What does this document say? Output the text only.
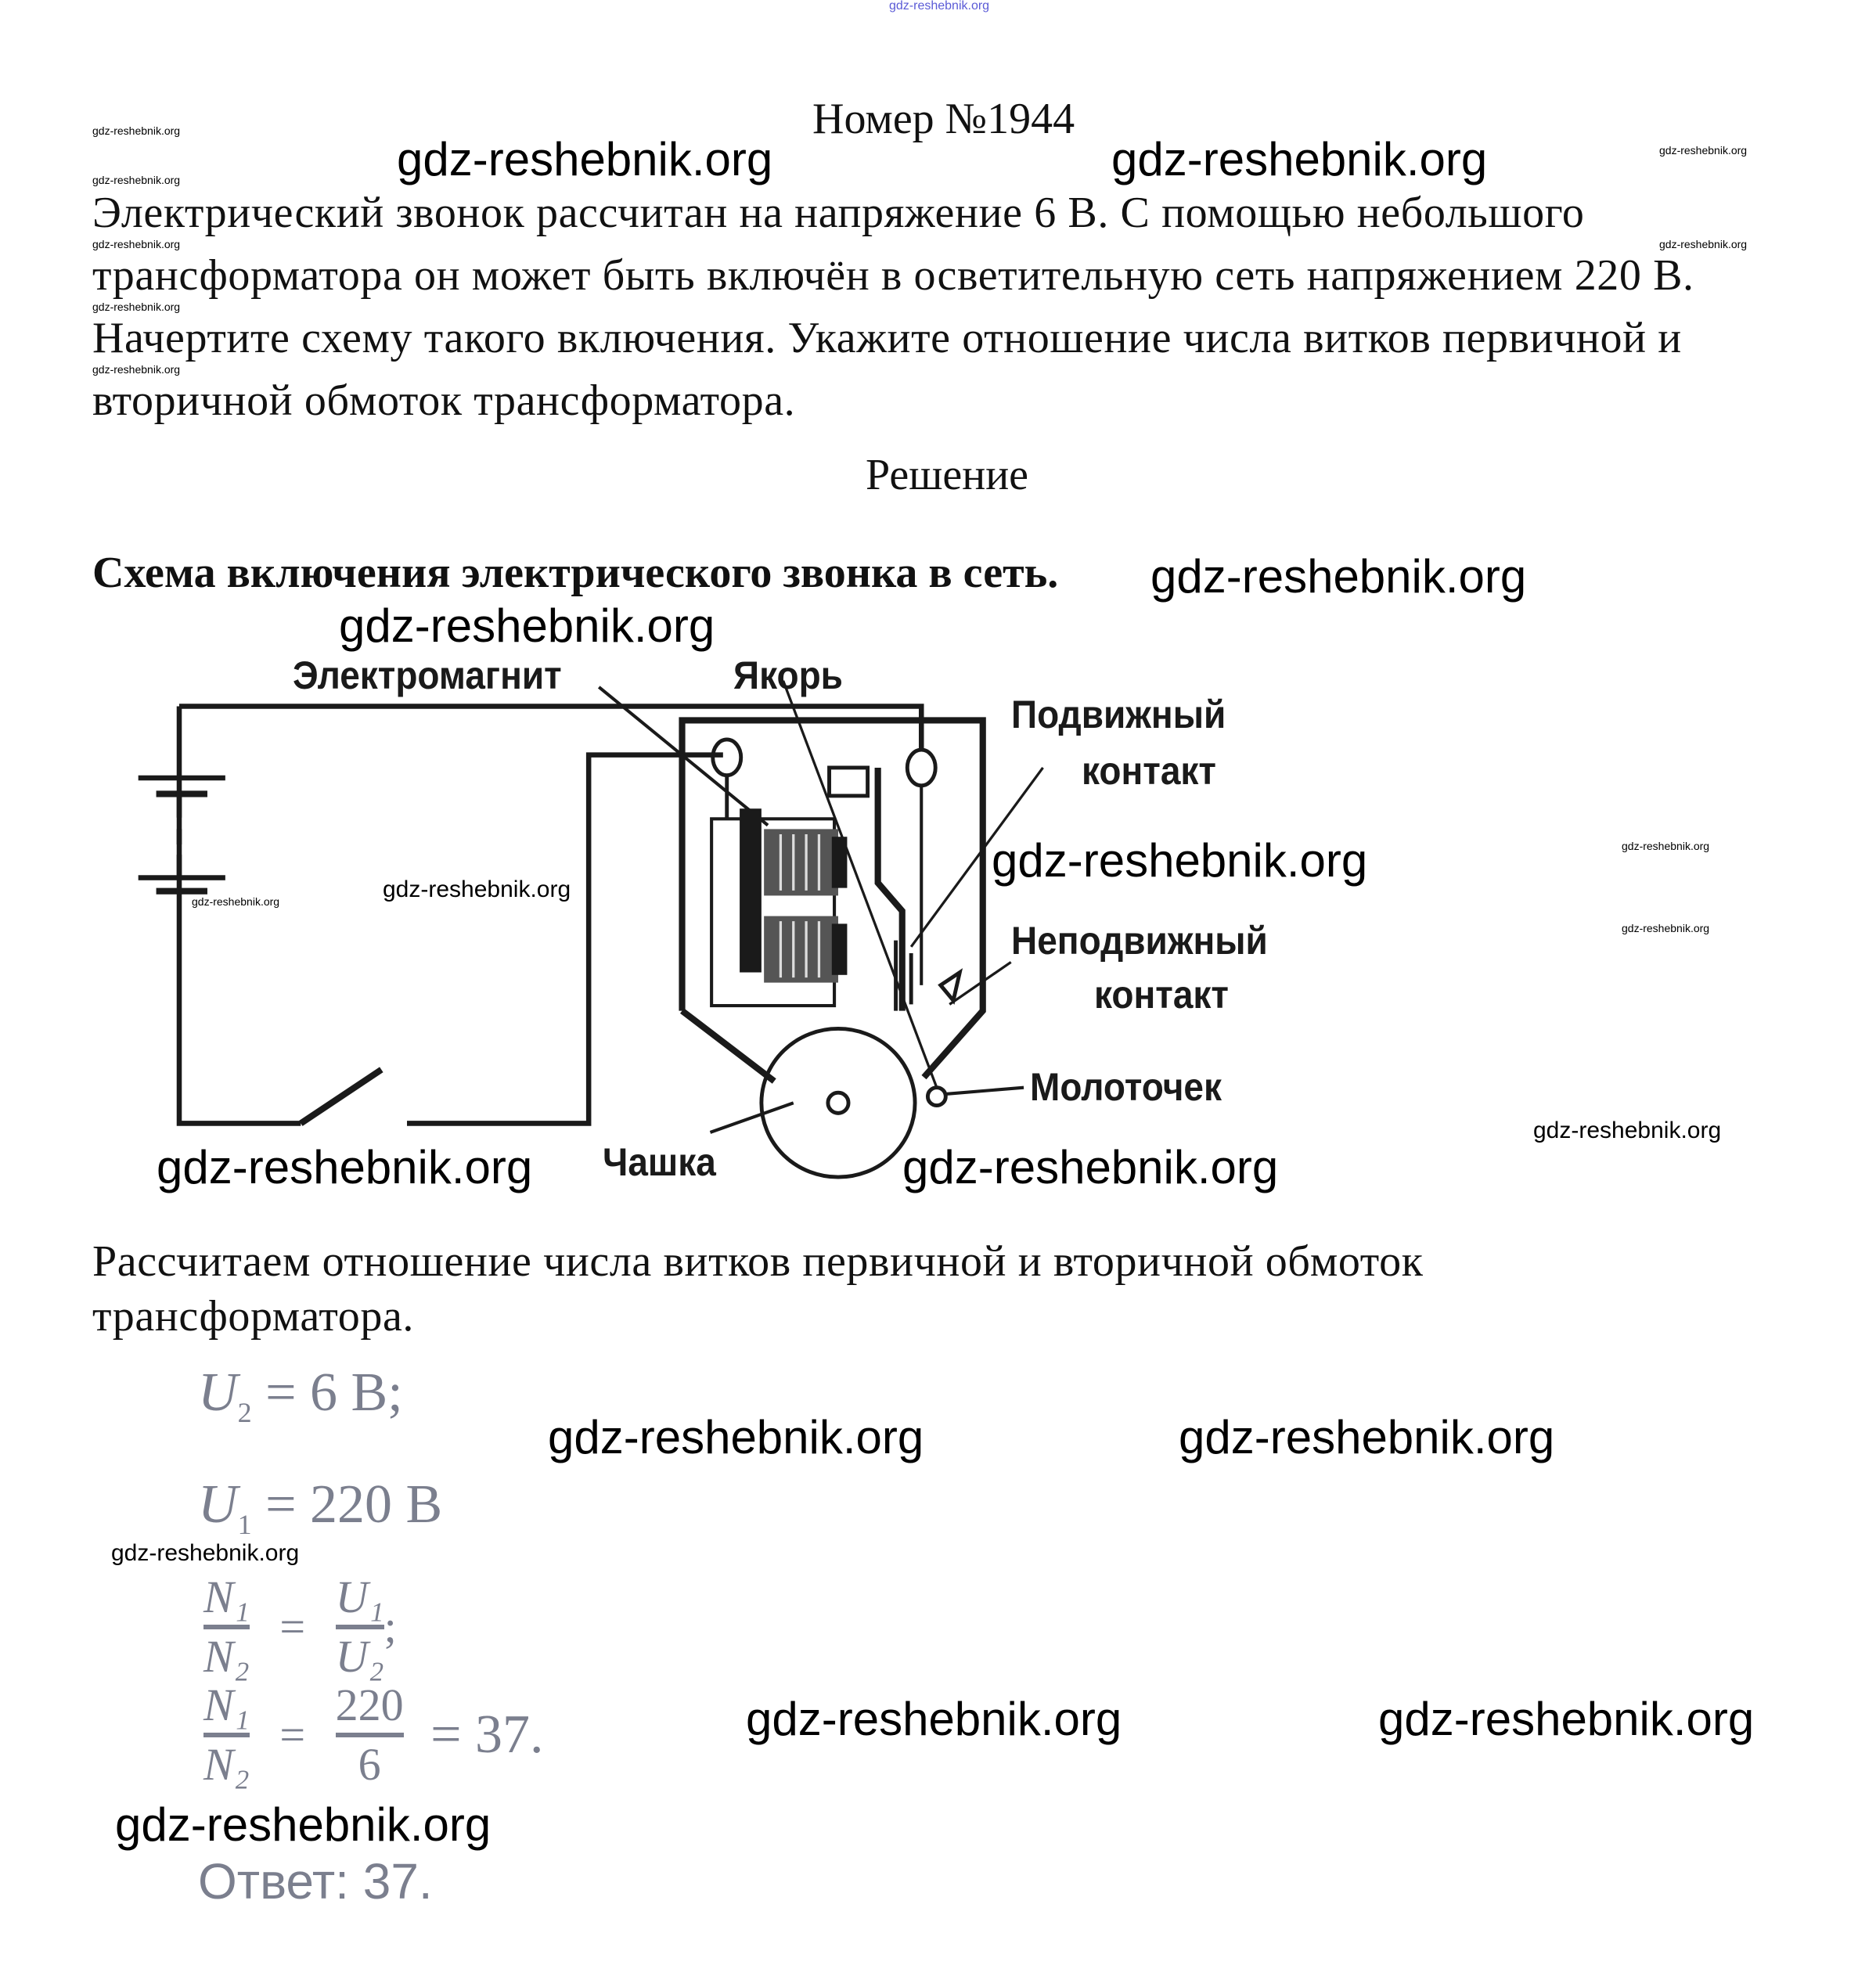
gdz-reshebnik.org
Номер №1944
Электрический звонок рассчитан на напряжение 6 В. С помощью небольшого
трансформатора он может быть включён в осветительную сеть напряжением 220 В.
Начертите схему такого включения. Укажите отношение числа витков первичной и
вторичной обмоток трансформатора.
Решение
Схема включения электрического звонка в сеть.
Электромагнит	Якорь
Подвижный
контакт
Неподвижный
контакт
Молоточек
Чашка
Рассчитаем отношение числа витков первичной и вторичной обмоток
трансформатора.
$U_2 = 6$ В;
$U_1 = 220$ В
N₁
N₂
=
U₁
U₂
;
N₁
N₂
=
220
6 = 37.
Ответ: 37.
gdz-reshebnik.org
gdz-reshebnik.org
gdz-reshebnik.org
gdz-reshebnik.org
gdz-reshebnik.org
gdz-reshebnik.org
gdz-reshebnik.org
gdz-reshebnik.org	gdz-reshebnik.org
gdz-reshebnik.org
gdz-reshebnik.org
gdz-reshebnik.org
gdz-reshebnik.org
gdz-reshebnik.org	gdz-reshebnik.org
gdz-reshebnik.org
gdz-reshebnik.org	gdz-reshebnik.org
gdz-reshebnik.org
gdz-reshebnik.org	gdz-reshebnik.org
gdz-reshebnik.org
gdz-reshebnik.org	gdz-reshebnik.org
gdz-reshebnik.org
